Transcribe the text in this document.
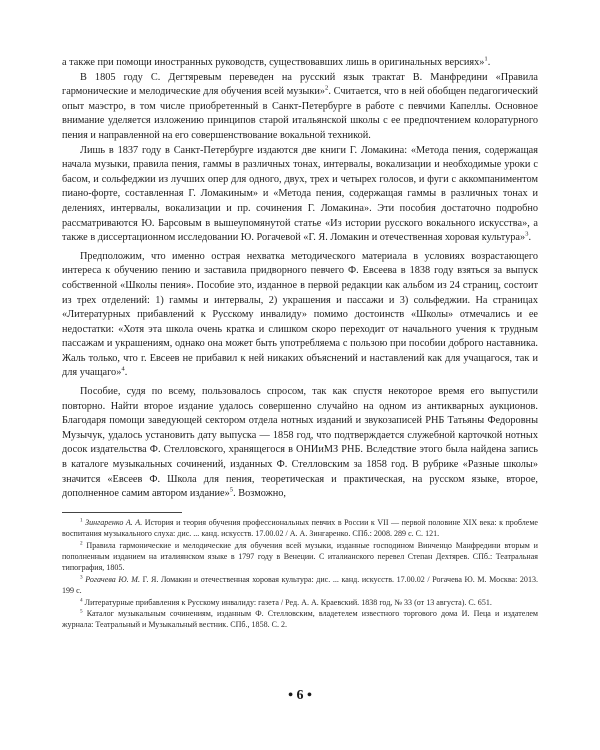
а также при помощи иностранных руководств, существовавших лишь в оригинальных версиях»$^1$.

В 1805 году С. Дегтяревым переведен на русский язык трактат В. Манфредини «Правила гармонические и мелодические для обучения всей музыки»$^2$. Считается, что в ней обобщен педагогический опыт маэстро, в том числе приобретенный в Санкт-Петербурге в работе с певчими Капеллы. Основное внимание уделяется изложению принципов старой итальянской школы с ее предпочтением колоратурного пения и направленной на его совершенствование вокальной техникой.

Лишь в 1837 году в Санкт-Петербурге издаются две книги Г. Ломакина: «Метода пения, содержащая начала музыки, правила пения, гаммы в различных тонах, интервалы, вокализации и необходимые уроки с басом, и сольфеджии из лучших опер для одного, двух, трех и четырех голосов, и фуги с аккомпаниментом пиано-форте, составленная Г. Ломакиным» и «Метода пения, содержащая гаммы в различных тонах и делениях, интервалы, вокализации и пр. сочинения Г. Ломакина». Эти пособия достаточно подробно рассматриваются Ю. Барсовым в вышеупомянутой статье «Из истории русского вокального искусства», а также в диссертационном исследовании Ю. Рогачевой «Г. Я. Ломакин и отечественная хоровая культура»$^3$.

Предположим, что именно острая нехватка методического материала в условиях возрастающего интереса к обучению пению и заставила придворного певчего Ф. Евсеева в 1838 году взяться за выпуск собственной «Школы пения». Пособие это, изданное в первой редакции как альбом из 24 страниц, состоит из трех отделений: 1) гаммы и интервалы, 2) украшения и пассажи и 3) сольфеджии. На страницах «Литературных прибавлений к Русскому инвалиду» помимо достоинств «Школы» отмечались и ее недостатки: «Хотя эта школа очень кратка и слишком скоро переходит от начального учения к трудным пассажам и украшениям, однако она может быть употребляема с пользою при пособии доброго наставника. Жаль только, что г. Евсеев не прибавил к ней никаких объяснений и наставлений как для учащагося, так и для учащаго»$^4$.

Пособие, судя по всему, пользовалось спросом, так как спустя некоторое время его выпустили повторно. Найти второе издание удалось совершенно случайно на одном из антикварных аукционов. Благодаря помощи заведующей сектором отдела нотных изданий и звукозаписей РНБ Татьяны Федоровны Музычук, удалось установить дату выпуска — 1858 год, что подтверждается служебной карточкой нотных досок издательства Ф. Стелловского, хранящегося в ОНИиМЗ РНБ. Вследствие этого была найдена запись в каталоге музыкальных сочинений, изданных Ф. Стелловским за 1858 год. В рубрике «Разные школы» значится «Евсеев Ф. Школа для пения, теоретическая и практическая, на русском языке, второе, дополненное самим автором издание»$^5$. Возможно,

$^1$ Зингаренко А. А. История и теория обучения профессиональных певчих в России к VII — первой половине XIX века: к проблеме воспитания музыкального слуха: дис. ... канд. искусств. 17.00.02 / А. А. Зингаренко. СПб.: 2008. 289 с. С. 121.

$^2$ Правила гармонические и мелодические для обучения всей музыки, изданные господином Винченцо Манфредини вторым и пополненным изданием на италиянском языке в 1797 году в Венеции. С италианского перевел Степан Дехтярев. СПб.: Театральная типография, 1805.

$^3$ Рогачева Ю. М. Г. Я. Ломакин и отечественная хоровая культура: дис. ... канд. искусств. 17.00.02 / Рогачева Ю. М. Москва: 2013. 199 с.

$^4$ Литературные прибавления к Русскому инвалиду: газета / Ред. А. А. Краевский. 1838 год, № 33 (от 13 августа). С. 651.

$^5$ Каталог музыкальным сочинениям, изданным Ф. Стелловским, владетелем известного торгового дома И. Пеца и издателем журнала: Театральный и Музыкальный вестник. СПб., 1858. С. 2.

• 6 •
